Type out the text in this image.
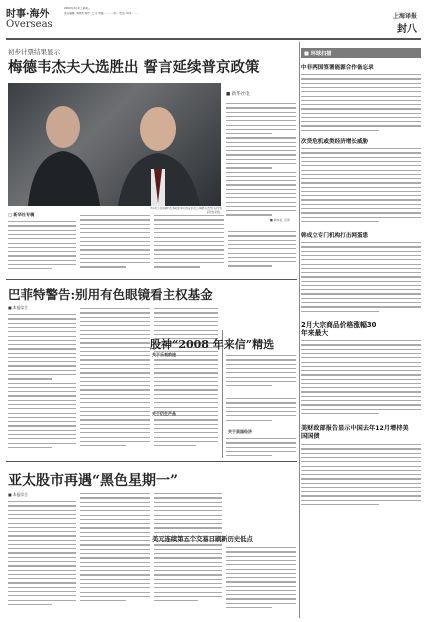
时事·海外
Overseas
2009年2月4日 星期三
责任编辑: 朱晓青 制作: 王 可 电邮: ··········@··· 电话: 021-·······	上海译报
封八
初步计票结果显示
梅德韦杰夫大选胜出 誓言延续普京政策
3月2日,在莫斯科红场附近举行的音乐会上,梅德韦杰夫(右)与普京同台亮相。
■ 新华社电
■ 新华社 记者
□ 新华社专稿
巴菲特警告:别用有色眼镜看主权基金
■ 本报综合
股神“2008 年来信”精选
关于乐观前途
关于衍生产品
关于美国经济
亚太股市再遇“黑色星期一”
■ 本报综合
美元连续第五个交易日刷新历史低点
■ 环球扫描
中非两国签署能源合作备忘录
次贷危机或类经济增长威胁
韩成立专门机构打击网蛋患
2月大宗商品价格涨幅30年来最大
美财政部报告显示中国去年12月增持美国国债
